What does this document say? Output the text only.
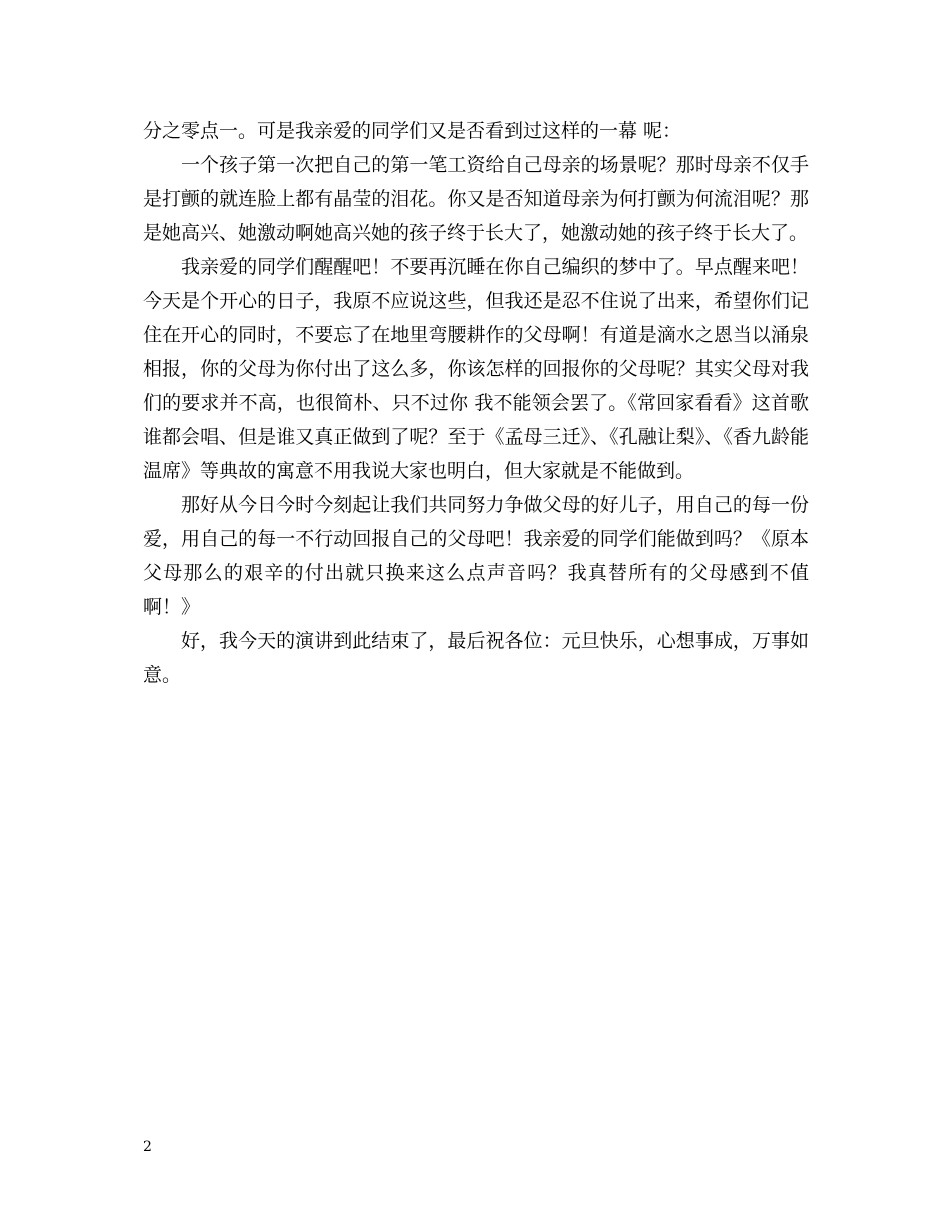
分之零点一。可是我亲爱的同学们又是否看到过这样的一幕 呢：

一个孩子第一次把自己的第一笔工资给自己母亲的场景呢？那时母亲不仅手是打颤的就连脸上都有晶莹的泪花。你又是否知道母亲为何打颤为何流泪呢？那是她高兴、她激动啊她高兴她的孩子终于长大了，她激动她的孩子终于长大了。

我亲爱的同学们醒醒吧！不要再沉睡在你自己编织的梦中了。早点醒来吧！今天是个开心的日子，我原不应说这些，但我还是忍不住说了出来，希望你们记住在开心的同时，不要忘了在地里弯腰耕作的父母啊！有道是滴水之恩当以涌泉相报，你的父母为你付出了这么多，你该怎样的回报你的父母呢？其实父母对我们的要求并不高，也很简朴、只不过你 我不能领会罢了。《常回家看看》这首歌谁都会唱、但是谁又真正做到了呢？至于《孟母三迁》、《孔融让梨》、《香九龄能温席》等典故的寓意不用我说大家也明白，但大家就是不能做到。

那好从今日今时今刻起让我们共同努力争做父母的好儿子，用自己的每一份爱，用自己的每一不行动回报自己的父母吧！我亲爱的同学们能做到吗？《原本父母那么的艰辛的付出就只换来这么点声音吗？我真替所有的父母感到不值啊！》

好，我今天的演讲到此结束了，最后祝各位：元旦快乐，心想事成，万事如意。

2
